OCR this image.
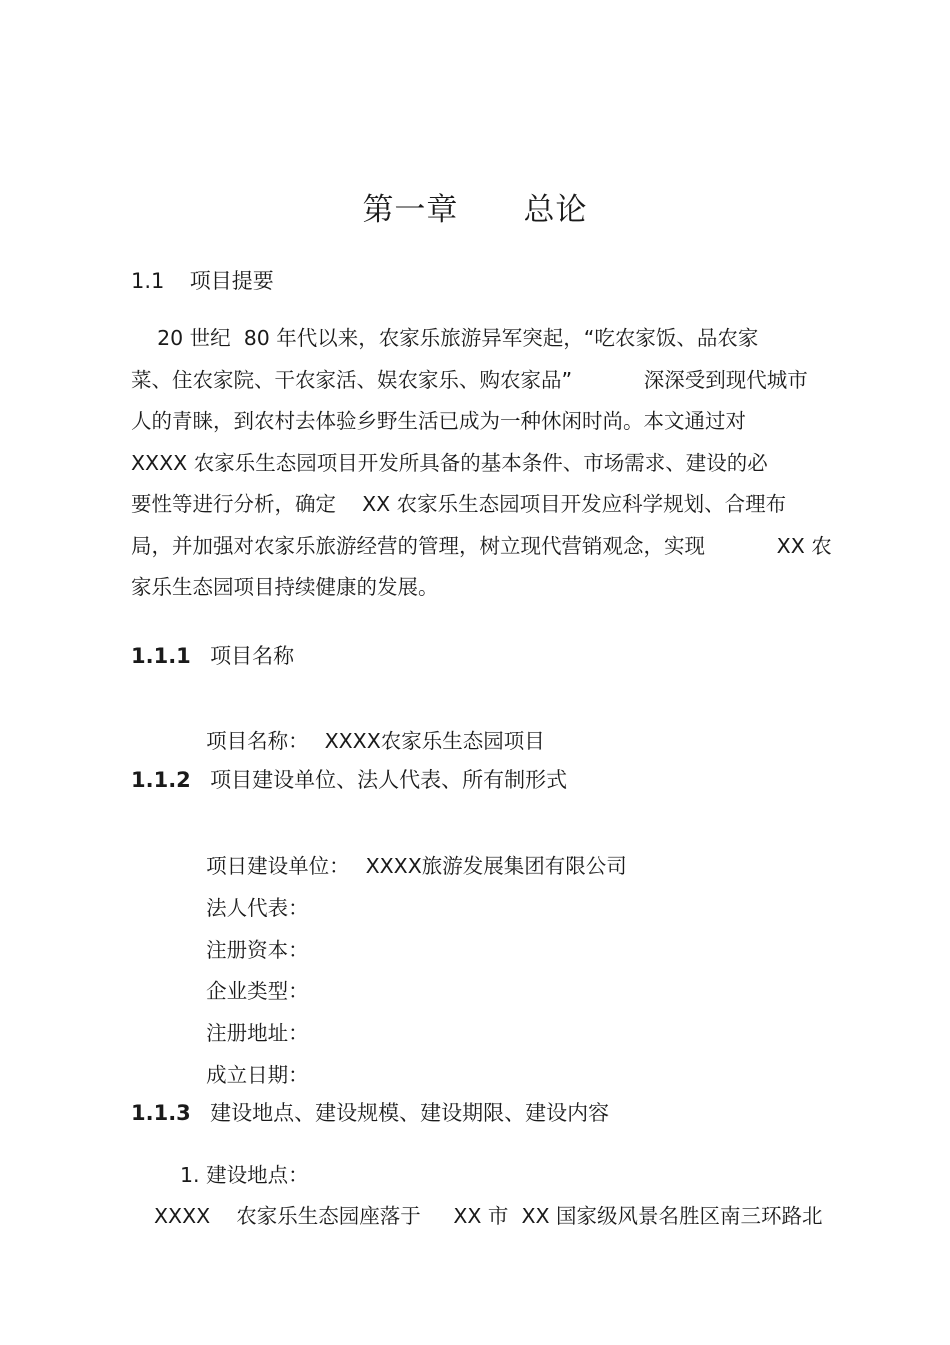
第一章      总论
1.1 项目提要
20 世纪  80 年代以来，农家乐旅游异军突起，“吃农家饭、品农家
菜、住农家院、干农家活、娱农家乐、购农家品”           深深受到现代城市
人的青睐，到农村去体验乡野生活已成为一种休闲时尚。本文通过对
XXXX 农家乐生态园项目开发所具备的基本条件、市场需求、建设的必
要性等进行分析，确定    XX 农家乐生态园项目开发应科学规划、合理布
局，并加强对农家乐旅游经营的管理，树立现代营销观念，实现           XX 农
家乐生态园项目持续健康的发展。
1.1.1 项目名称

项目名称： XXXX农家乐生态园项目

1.1.2 项目建设单位、法人代表、所有制形式

项日建设单位： XXXX旅游发展集团有限公司

法人代表：

注册资本：

企业类型：

注册地址：

成立日期：

1.1.3 建设地点、建设规模、建设期限、建设内容
1. 建设地点：
XXXX    农家乐生态园座落于     XX 市  XX 国家级风景名胜区南三环路北
